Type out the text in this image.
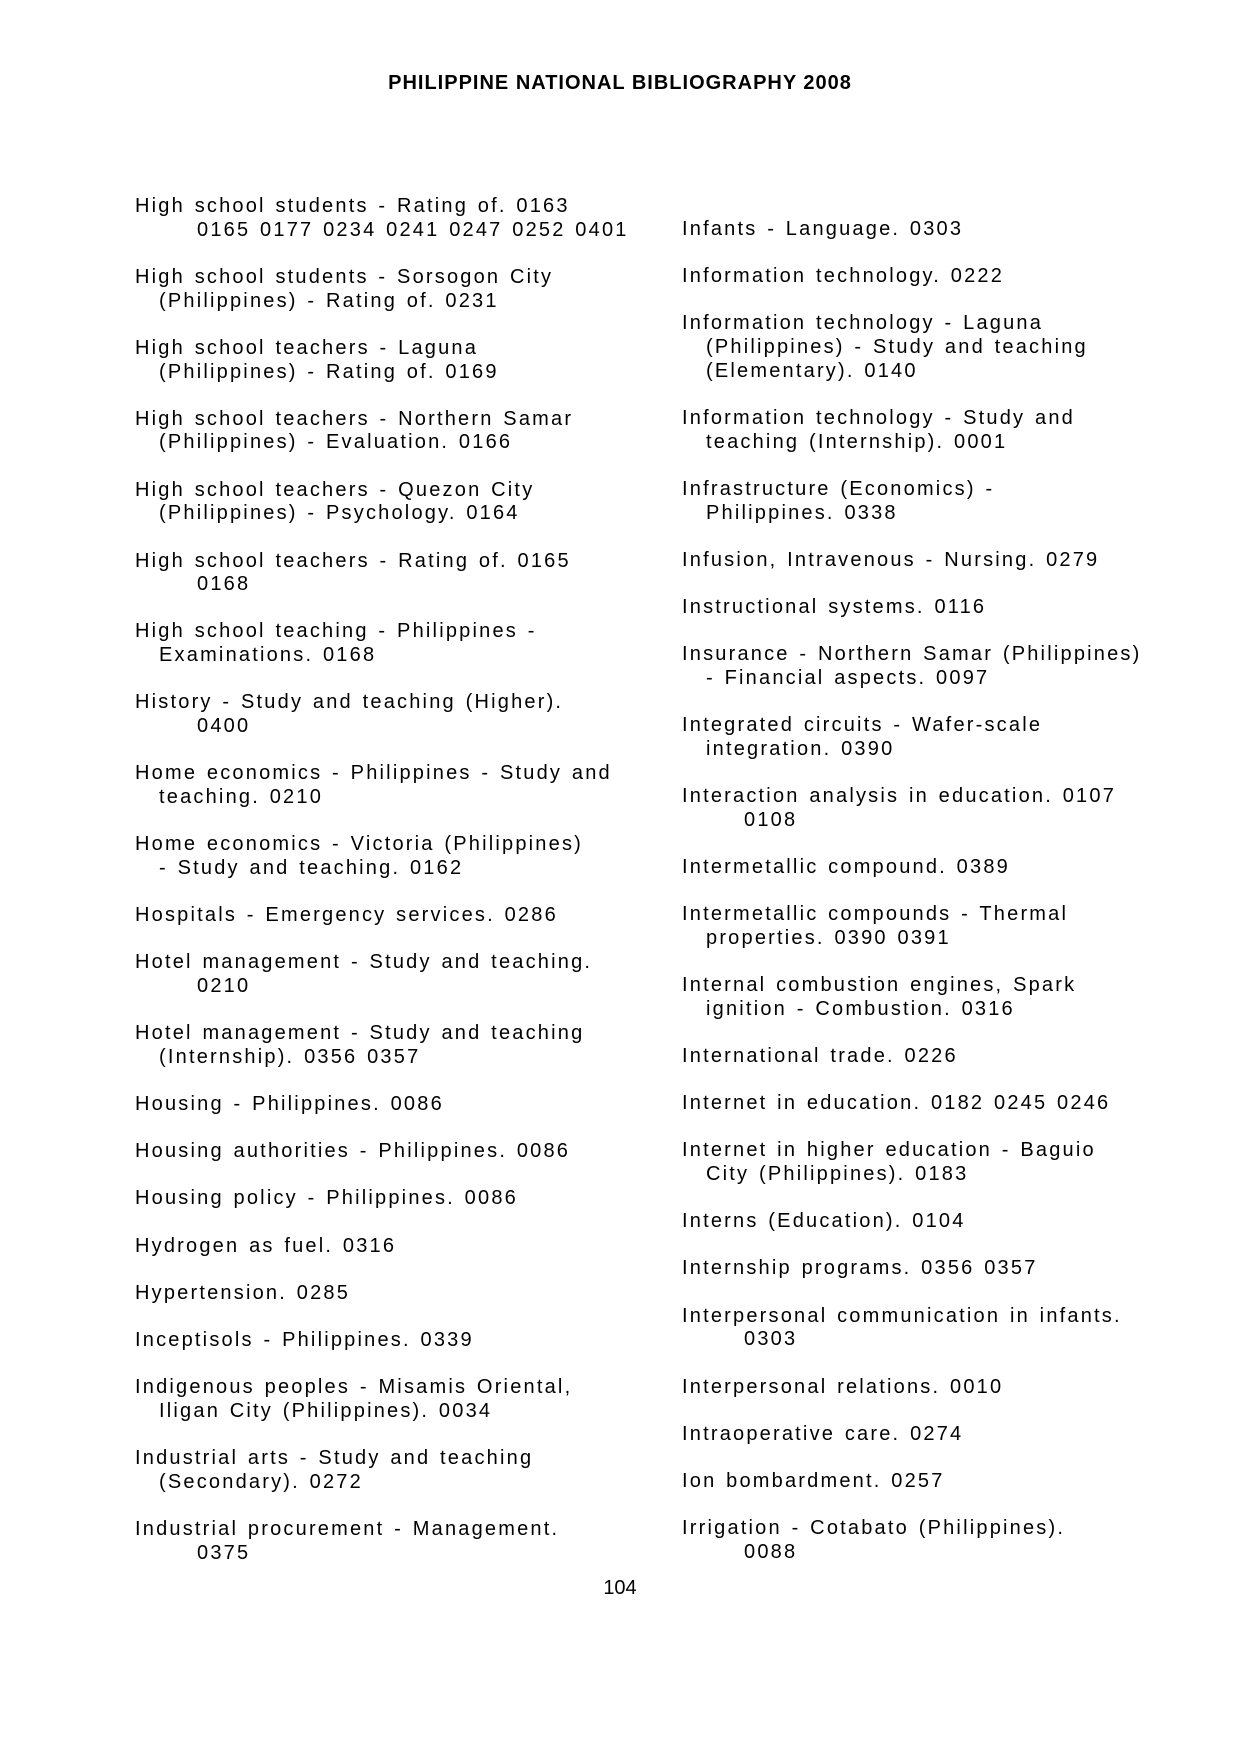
PHILIPPINE NATIONAL BIBLIOGRAPHY 2008
High school students - Rating of. 0163
0165 0177 0234 0241 0247 0252 0401
High school students - Sorsogon City
(Philippines) - Rating of. 0231
High school teachers - Laguna
(Philippines) - Rating of. 0169
High school teachers - Northern Samar
(Philippines) - Evaluation. 0166
High school teachers - Quezon City
(Philippines) - Psychology. 0164
High school teachers - Rating of. 0165
0168
High school teaching - Philippines -
Examinations. 0168
History - Study and teaching (Higher).
0400
Home economics - Philippines - Study and
teaching. 0210
Home economics - Victoria (Philippines)
- Study and teaching. 0162
Hospitals - Emergency services. 0286
Hotel management - Study and teaching.
0210
Hotel management - Study and teaching
(Internship). 0356 0357
Housing - Philippines. 0086
Housing authorities - Philippines. 0086
Housing policy - Philippines. 0086
Hydrogen as fuel. 0316
Hypertension. 0285
Inceptisols - Philippines. 0339
Indigenous peoples - Misamis Oriental,
Iligan City (Philippines). 0034
Industrial arts - Study and teaching
(Secondary). 0272
Industrial procurement - Management.
0375
Infants - Language. 0303
Information technology. 0222
Information technology - Laguna
(Philippines) - Study and teaching
(Elementary). 0140
Information technology - Study and
teaching (Internship). 0001
Infrastructure (Economics) -
Philippines. 0338
Infusion, Intravenous - Nursing. 0279
Instructional systems. 0116
Insurance - Northern Samar (Philippines)
- Financial aspects. 0097
Integrated circuits - Wafer-scale
integration. 0390
Interaction analysis in education. 0107
0108
Intermetallic compound. 0389
Intermetallic compounds - Thermal
properties. 0390 0391
Internal combustion engines, Spark
ignition - Combustion. 0316
International trade. 0226
Internet in education. 0182 0245 0246
Internet in higher education - Baguio
City (Philippines). 0183
Interns (Education). 0104
Internship programs. 0356 0357
Interpersonal communication in infants.
0303
Interpersonal relations. 0010
Intraoperative care. 0274
Ion bombardment. 0257
Irrigation - Cotabato (Philippines).
0088
104
